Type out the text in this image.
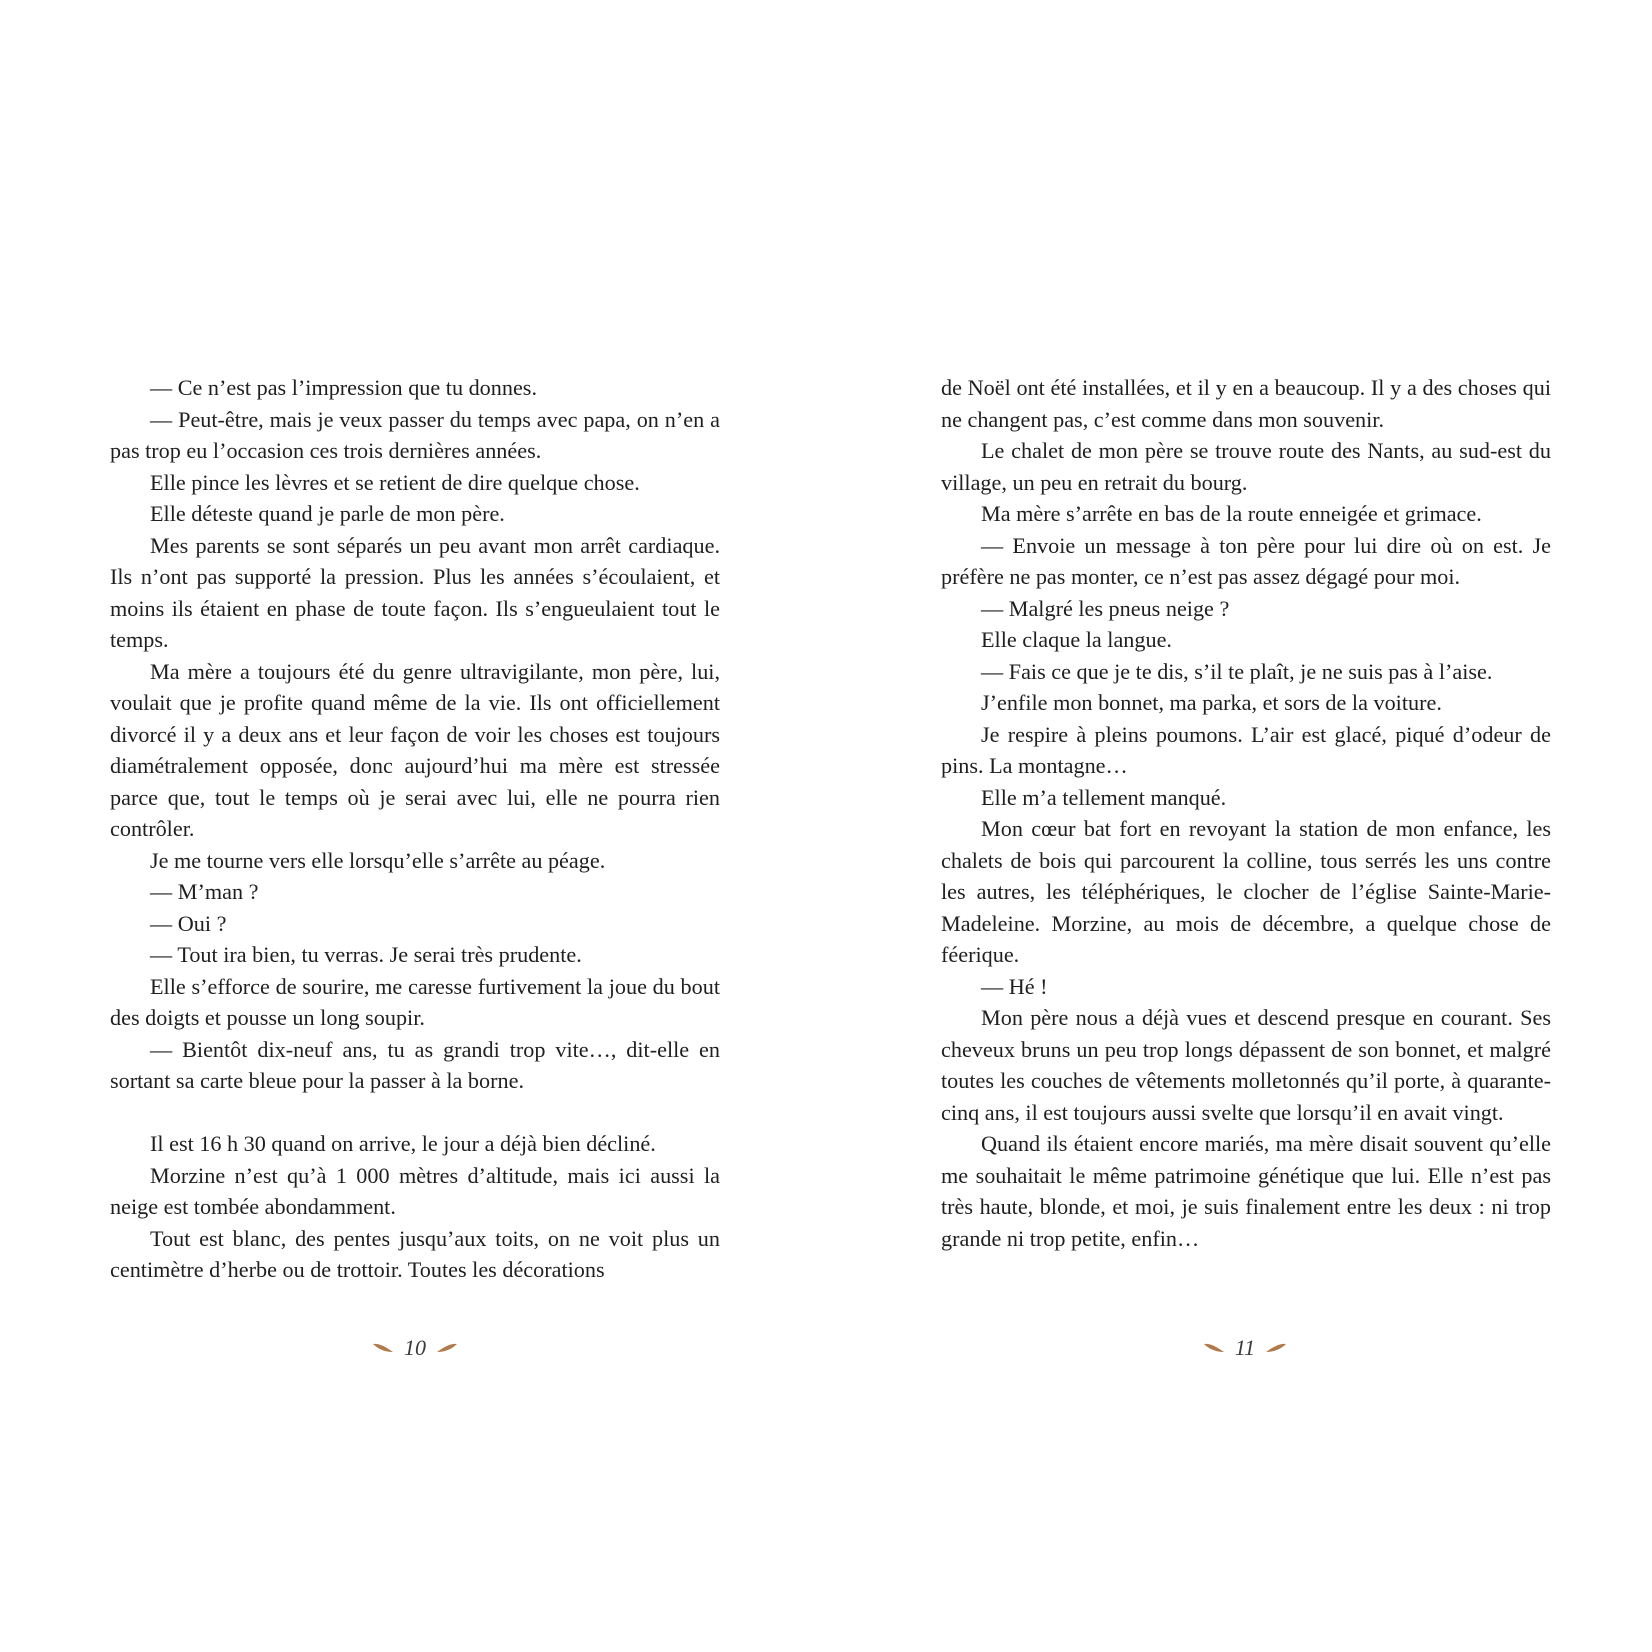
— Ce n’est pas l’impression que tu donnes.

— Peut-être, mais je veux passer du temps avec papa, on n’en a pas trop eu l’occasion ces trois dernières années.

Elle pince les lèvres et se retient de dire quelque chose.

Elle déteste quand je parle de mon père.

Mes parents se sont séparés un peu avant mon arrêt cardiaque. Ils n’ont pas supporté la pression. Plus les années s’écoulaient, et moins ils étaient en phase de toute façon. Ils s’engueulaient tout le temps.

Ma mère a toujours été du genre ultravigilante, mon père, lui, voulait que je profite quand même de la vie. Ils ont officiellement divorcé il y a deux ans et leur façon de voir les choses est toujours diamétralement opposée, donc aujourd’hui ma mère est stressée parce que, tout le temps où je serai avec lui, elle ne pourra rien contrôler.

Je me tourne vers elle lorsqu’elle s’arrête au péage.

— M’man ?

— Oui ?

— Tout ira bien, tu verras. Je serai très prudente.

Elle s’efforce de sourire, me caresse furtivement la joue du bout des doigts et pousse un long soupir.

— Bientôt dix-neuf ans, tu as grandi trop vite…, dit-elle en sortant sa carte bleue pour la passer à la borne.

Il est 16 h 30 quand on arrive, le jour a déjà bien décliné.

Morzine n’est qu’à 1 000 mètres d’altitude, mais ici aussi la neige est tombée abondamment.

Tout est blanc, des pentes jusqu’aux toits, on ne voit plus un centimètre d’herbe ou de trottoir. Toutes les décorations

de Noël ont été installées, et il y en a beaucoup. Il y a des choses qui ne changent pas, c’est comme dans mon souvenir.

Le chalet de mon père se trouve route des Nants, au sud-est du village, un peu en retrait du bourg.

Ma mère s’arrête en bas de la route enneigée et grimace.

— Envoie un message à ton père pour lui dire où on est. Je préfère ne pas monter, ce n’est pas assez dégagé pour moi.

— Malgré les pneus neige ?

Elle claque la langue.

— Fais ce que je te dis, s’il te plaît, je ne suis pas à l’aise.

J’enfile mon bonnet, ma parka, et sors de la voiture.

Je respire à pleins poumons. L’air est glacé, piqué d’odeur de pins. La montagne…

Elle m’a tellement manqué.

Mon cœur bat fort en revoyant la station de mon enfance, les chalets de bois qui parcourent la colline, tous serrés les uns contre les autres, les téléphériques, le clocher de l’église Sainte-Marie-Madeleine. Morzine, au mois de décembre, a quelque chose de féerique.

— Hé !

Mon père nous a déjà vues et descend presque en courant. Ses cheveux bruns un peu trop longs dépassent de son bonnet, et malgré toutes les couches de vêtements molletonnés qu’il porte, à quarante-cinq ans, il est toujours aussi svelte que lorsqu’il en avait vingt.

Quand ils étaient encore mariés, ma mère disait souvent qu’elle me souhaitait le même patrimoine génétique que lui. Elle n’est pas très haute, blonde, et moi, je suis finalement entre les deux : ni trop grande ni trop petite, enfin…

10	11
